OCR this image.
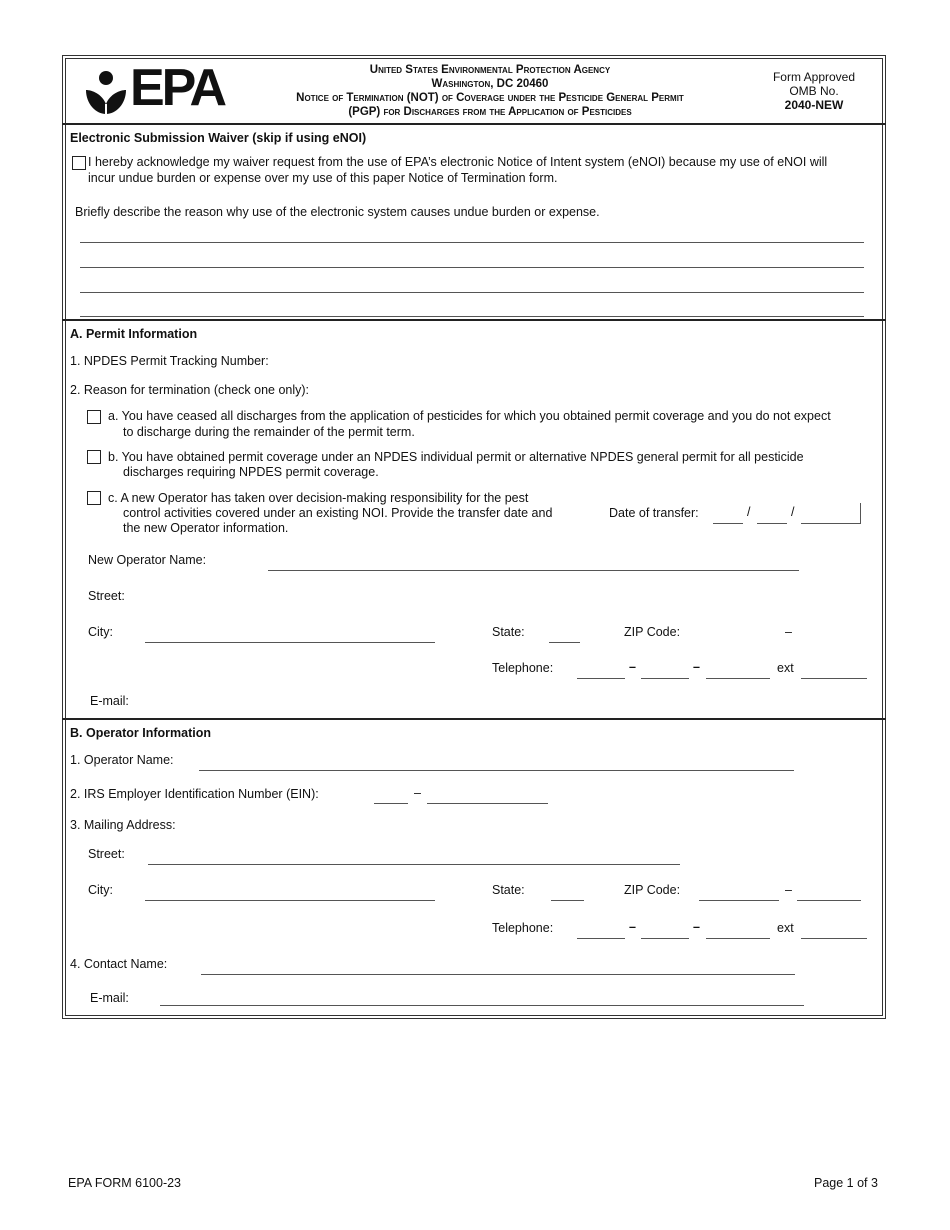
EPA	United States Environmental Protection Agency
Washington, DC 20460
Notice of Termination (NOT) of Coverage under the Pesticide General Permit
(PGP) for Discharges from the Application of Pesticides
Form Approved
OMB No.
2040-NEW
Electronic Submission Waiver (skip if using eNOI)
I hereby acknowledge my waiver request from the use of EPA’s electronic Notice of Intent system (eNOI) because my use of eNOI will
incur undue burden or expense over my use of this paper Notice of Termination form.
Briefly describe the reason why use of the electronic system causes undue burden or expense.
A. Permit Information
1. NPDES Permit Tracking Number:
2. Reason for termination (check one only):
a. You have ceased all discharges from the application of pesticides for which you obtained permit coverage and you do not expect
to discharge during the remainder of the permit term.
b. You have obtained permit coverage under an NPDES individual permit or alternative NPDES general permit for all pesticide
discharges requiring NPDES permit coverage.
c. A new Operator has taken over decision-making responsibility for the pest
control activities covered under an existing NOI. Provide the transfer date and
the new Operator information.
Date of transfer:	/	/
New Operator Name:
Street:
City:	State:	ZIP Code:	–
Telephone:	–	–	ext
E-mail:
B. Operator Information
1. Operator Name:
2. IRS Employer Identification Number (EIN):	–
3. Mailing Address:
Street:
City:	State:	ZIP Code:	–
Telephone:	–	–	ext
4. Contact Name:
E-mail:
EPA FORM 6100-23	Page 1 of 3
